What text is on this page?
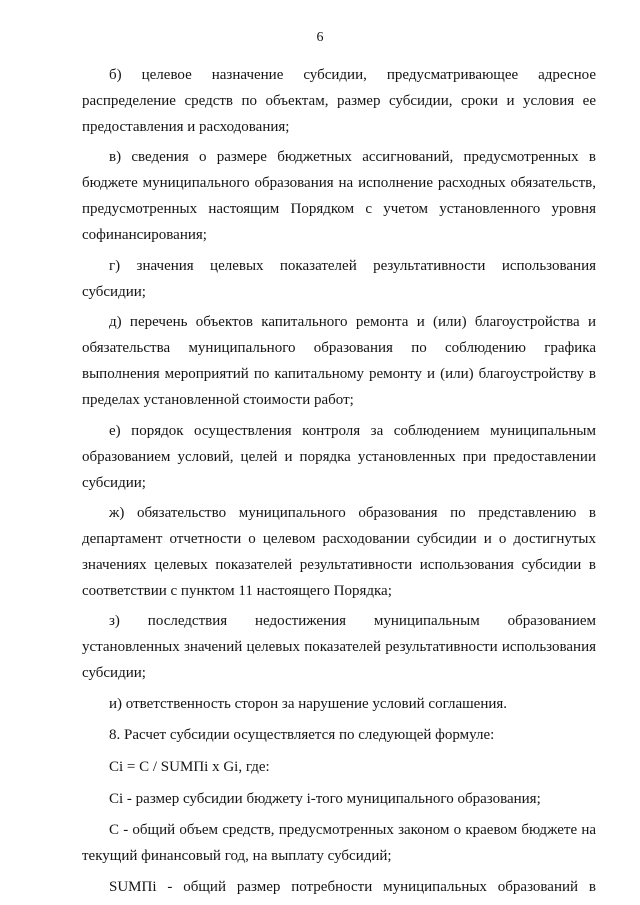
6

б) целевое назначение субсидии, предусматривающее адресное распределение средств по объектам, размер субсидии, сроки и условия ее предоставления и расходования;

в) сведения о размере бюджетных ассигнований, предусмотренных в бюджете муниципального образования на исполнение расходных обязательств, предусмотренных настоящим Порядком с учетом установленного уровня софинансирования;

г) значения целевых показателей результативности использования субсидии;

д) перечень объектов капитального ремонта и (или) благоустройства и обязательства муниципального образования по соблюдению графика выполнения мероприятий по капитальному ремонту и (или) благоустройству в пределах установленной стоимости работ;

е) порядок осуществления контроля за соблюдением муниципальным образованием условий, целей и порядка установленных при предоставлении субсидии;

ж) обязательство муниципального образования по представлению в департамент отчетности о целевом расходовании субсидии и о достигнутых значениях целевых показателей результативности использования субсидии в соответствии с пунктом 11 настоящего Порядка;

з) последствия недостижения муниципальным образованием установленных значений целевых показателей результативности использования субсидии;

и) ответственность сторон за нарушение условий соглашения.

8. Расчет субсидии осуществляется по следующей формуле:

Ci = C / SUMПi x Gi, где:

Ci - размер субсидии бюджету i-того муниципального образования;

C - общий объем средств, предусмотренных законом о краевом бюджете на текущий финансовый год, на выплату субсидий;

SUMПi - общий размер потребности муниципальных образований в
